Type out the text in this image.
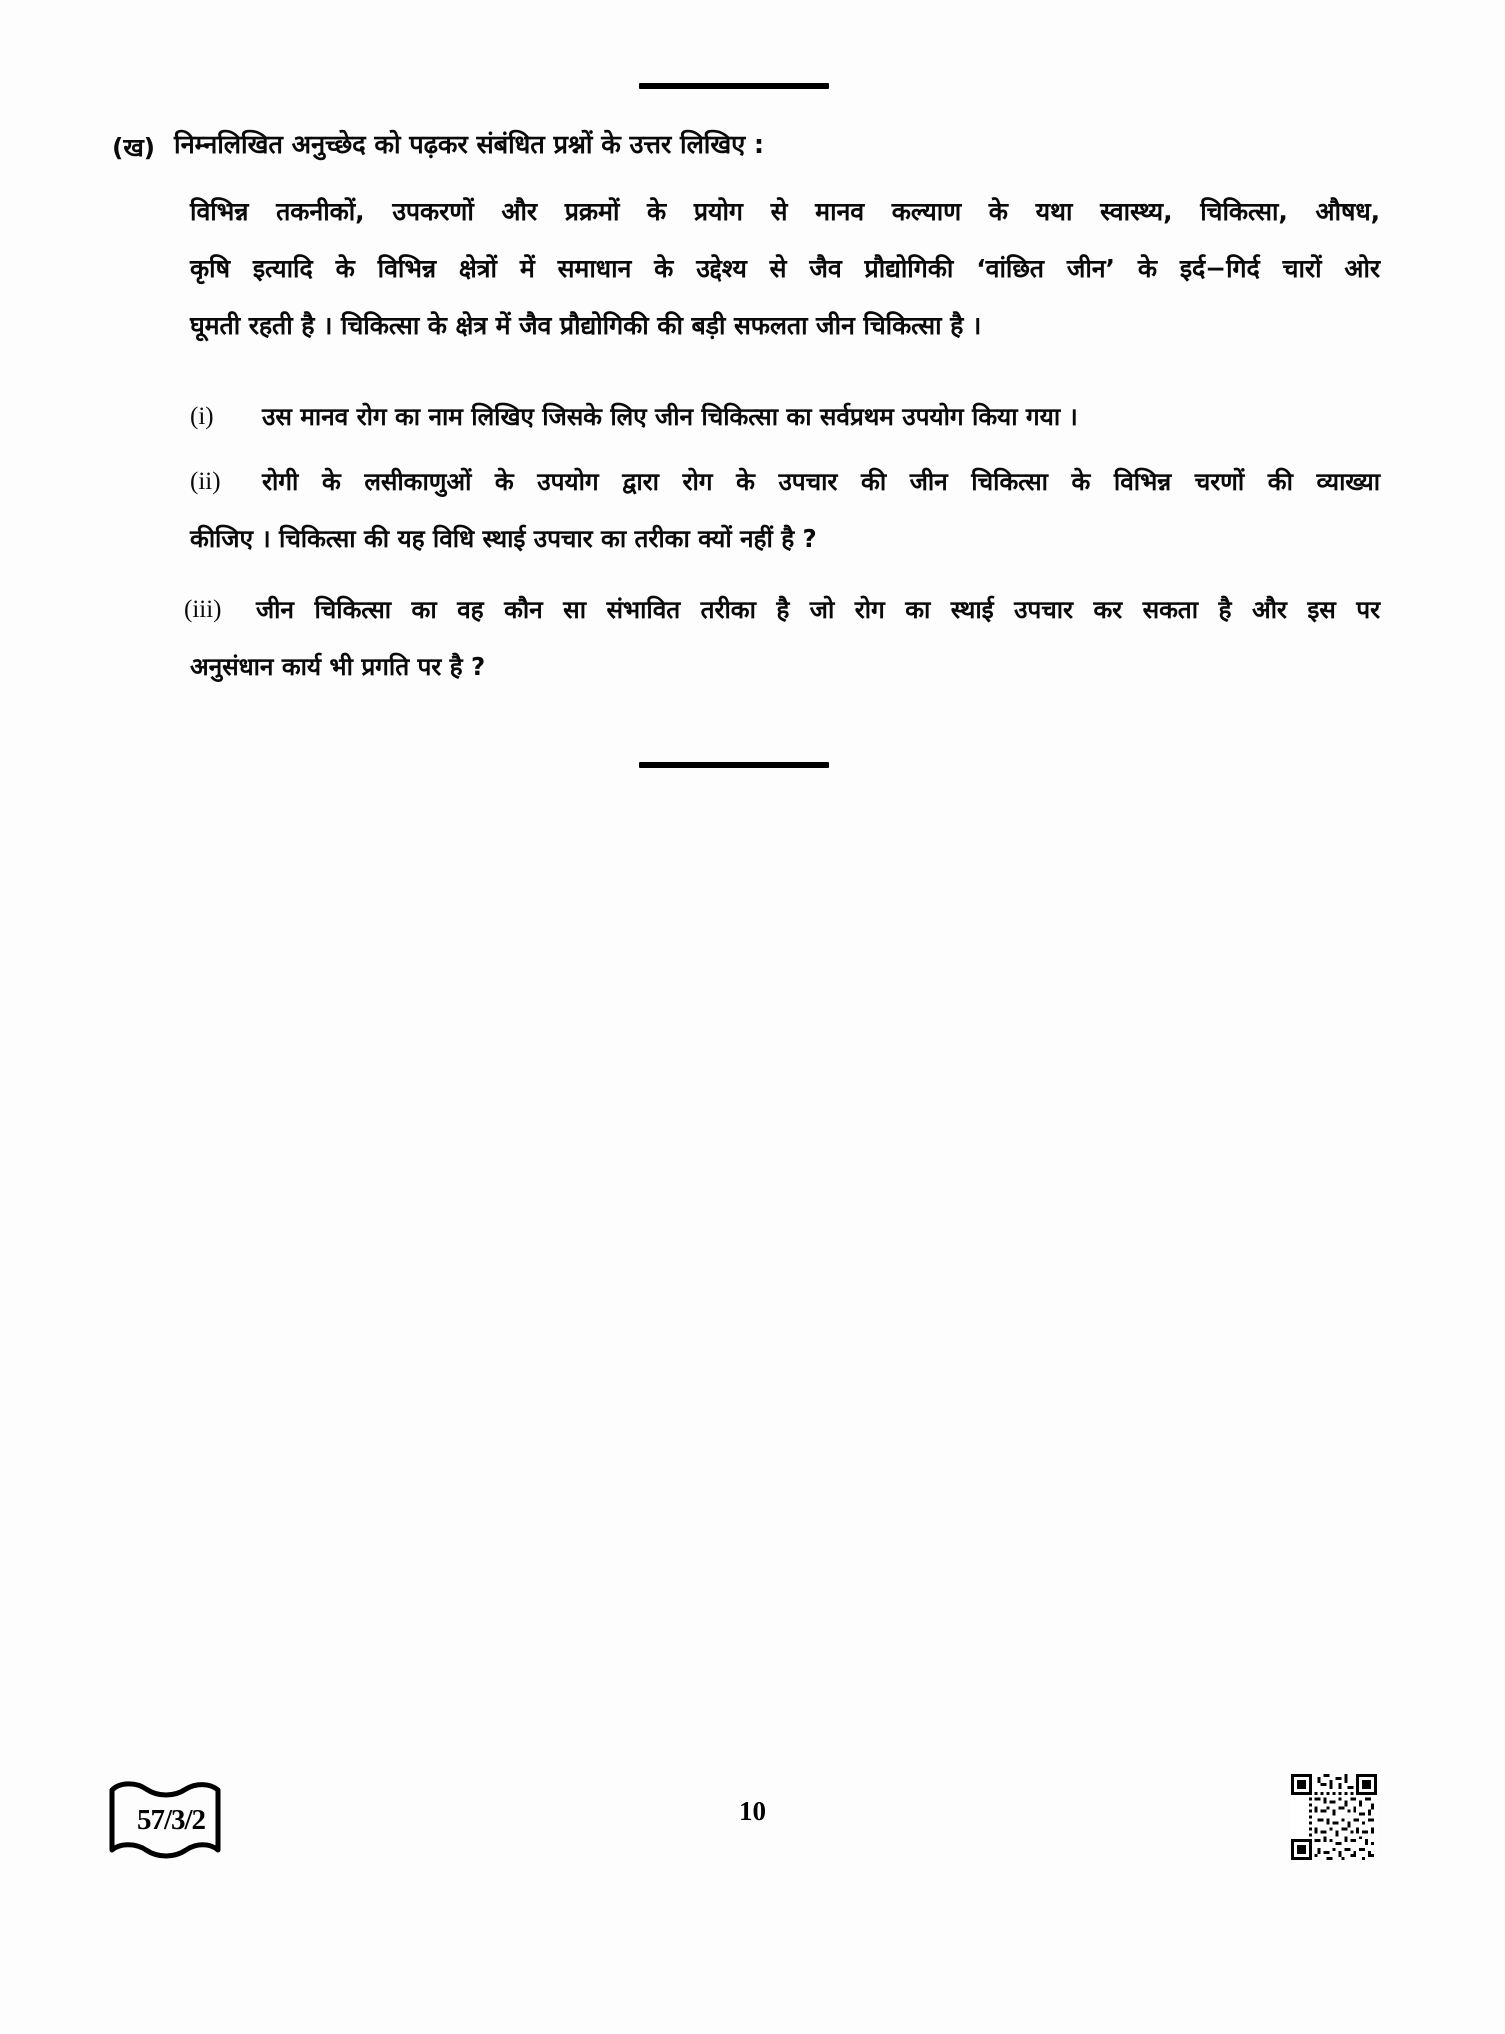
(ख) निम्नलिखित अनुच्छेद को पढ़कर संबंधित प्रश्नों के उत्तर लिखिए :
विभिन्न तकनीकों, उपकरणों और प्रक्रमों के प्रयोग से मानव कल्याण के यथा स्वास्थ्य, चिकित्सा, औषध,
कृषि इत्यादि के विभिन्न क्षेत्रों में समाधान के उद्देश्य से जैव प्रौद्योगिकी ‘वांछित जीन’ के इर्द−गिर्द चारों ओर
घूमती रहती है । चिकित्सा के क्षेत्र में जैव प्रौद्योगिकी की बड़ी सफलता जीन चिकित्सा है ।
(i)	उस मानव रोग का नाम लिखिए जिसके लिए जीन चिकित्सा का सर्वप्रथम उपयोग किया गया ।
(ii)	रोगी के लसीकाणुओं के उपयोग द्वारा रोग के उपचार की जीन चिकित्सा के विभिन्न चरणों की व्याख्या
कीजिए । चिकित्सा की यह विधि स्थाई उपचार का तरीका क्यों नहीं है ?
(iii)	जीन चिकित्सा का वह कौन सा संभावित तरीका है जो रोग का स्थाई उपचार कर सकता है और इस पर
अनुसंधान कार्य भी प्रगति पर है ?
57/3/2	10
